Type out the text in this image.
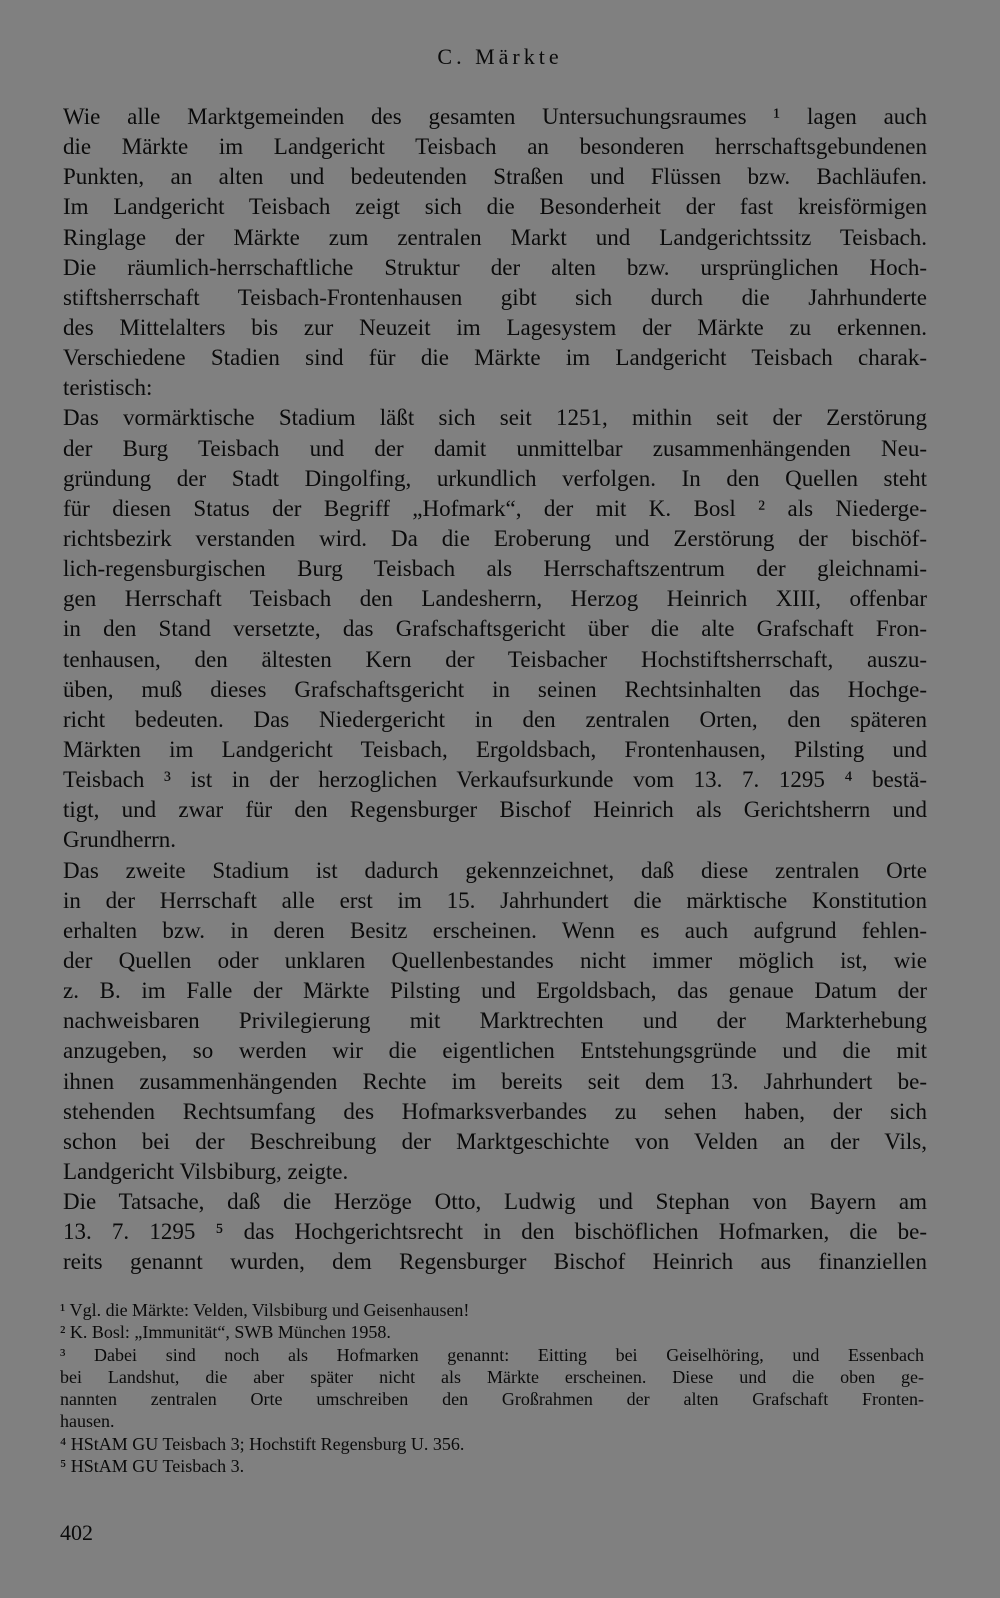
C. Märkte
Wie alle Marktgemeinden des gesamten Untersuchungsraumes ¹ lagen auch
die Märkte im Landgericht Teisbach an besonderen herrschaftsgebundenen
Punkten, an alten und bedeutenden Straßen und Flüssen bzw. Bachläufen.
Im Landgericht Teisbach zeigt sich die Besonderheit der fast kreisförmigen
Ringlage der Märkte zum zentralen Markt und Landgerichtssitz Teisbach.
Die räumlich-herrschaftliche Struktur der alten bzw. ursprünglichen Hoch-
stiftsherrschaft Teisbach-Frontenhausen gibt sich durch die Jahrhunderte
des Mittelalters bis zur Neuzeit im Lagesystem der Märkte zu erkennen.
Verschiedene Stadien sind für die Märkte im Landgericht Teisbach charak-
teristisch:
Das vormärktische Stadium läßt sich seit 1251, mithin seit der Zerstörung
der Burg Teisbach und der damit unmittelbar zusammenhängenden Neu-
gründung der Stadt Dingolfing, urkundlich verfolgen. In den Quellen steht
für diesen Status der Begriff „Hofmark“, der mit K. Bosl ² als Niederge-
richtsbezirk verstanden wird. Da die Eroberung und Zerstörung der bischöf-
lich-regensburgischen Burg Teisbach als Herrschaftszentrum der gleichnami-
gen Herrschaft Teisbach den Landesherrn, Herzog Heinrich XIII, offenbar
in den Stand versetzte, das Grafschaftsgericht über die alte Grafschaft Fron-
tenhausen, den ältesten Kern der Teisbacher Hochstiftsherrschaft, auszu-
üben, muß dieses Grafschaftsgericht in seinen Rechtsinhalten das Hochge-
richt bedeuten. Das Niedergericht in den zentralen Orten, den späteren
Märkten im Landgericht Teisbach, Ergoldsbach, Frontenhausen, Pilsting und
Teisbach ³ ist in der herzoglichen Verkaufsurkunde vom 13. 7. 1295 ⁴ bestä-
tigt, und zwar für den Regensburger Bischof Heinrich als Gerichtsherrn und
Grundherrn.
Das zweite Stadium ist dadurch gekennzeichnet, daß diese zentralen Orte
in der Herrschaft alle erst im 15. Jahrhundert die märktische Konstitution
erhalten bzw. in deren Besitz erscheinen. Wenn es auch aufgrund fehlen-
der Quellen oder unklaren Quellenbestandes nicht immer möglich ist, wie
z. B. im Falle der Märkte Pilsting und Ergoldsbach, das genaue Datum der
nachweisbaren Privilegierung mit Marktrechten und der Markterhebung
anzugeben, so werden wir die eigentlichen Entstehungsgründe und die mit
ihnen zusammenhängenden Rechte im bereits seit dem 13. Jahrhundert be-
stehenden Rechtsumfang des Hofmarksverbandes zu sehen haben, der sich
schon bei der Beschreibung der Marktgeschichte von Velden an der Vils,
Landgericht Vilsbiburg, zeigte.
Die Tatsache, daß die Herzöge Otto, Ludwig und Stephan von Bayern am
13. 7. 1295 ⁵ das Hochgerichtsrecht in den bischöflichen Hofmarken, die be-
reits genannt wurden, dem Regensburger Bischof Heinrich aus finanziellen
¹ Vgl. die Märkte: Velden, Vilsbiburg und Geisenhausen!
² K. Bosl: „Immunität“, SWB München 1958.
³ Dabei sind noch als Hofmarken genannt: Eitting bei Geiselhöring, und Essenbach
bei Landshut, die aber später nicht als Märkte erscheinen. Diese und die oben ge-
nannten zentralen Orte umschreiben den Großrahmen der alten Grafschaft Fronten-
hausen.
⁴ HStAM GU Teisbach 3; Hochstift Regensburg U. 356.
⁵ HStAM GU Teisbach 3.
402
